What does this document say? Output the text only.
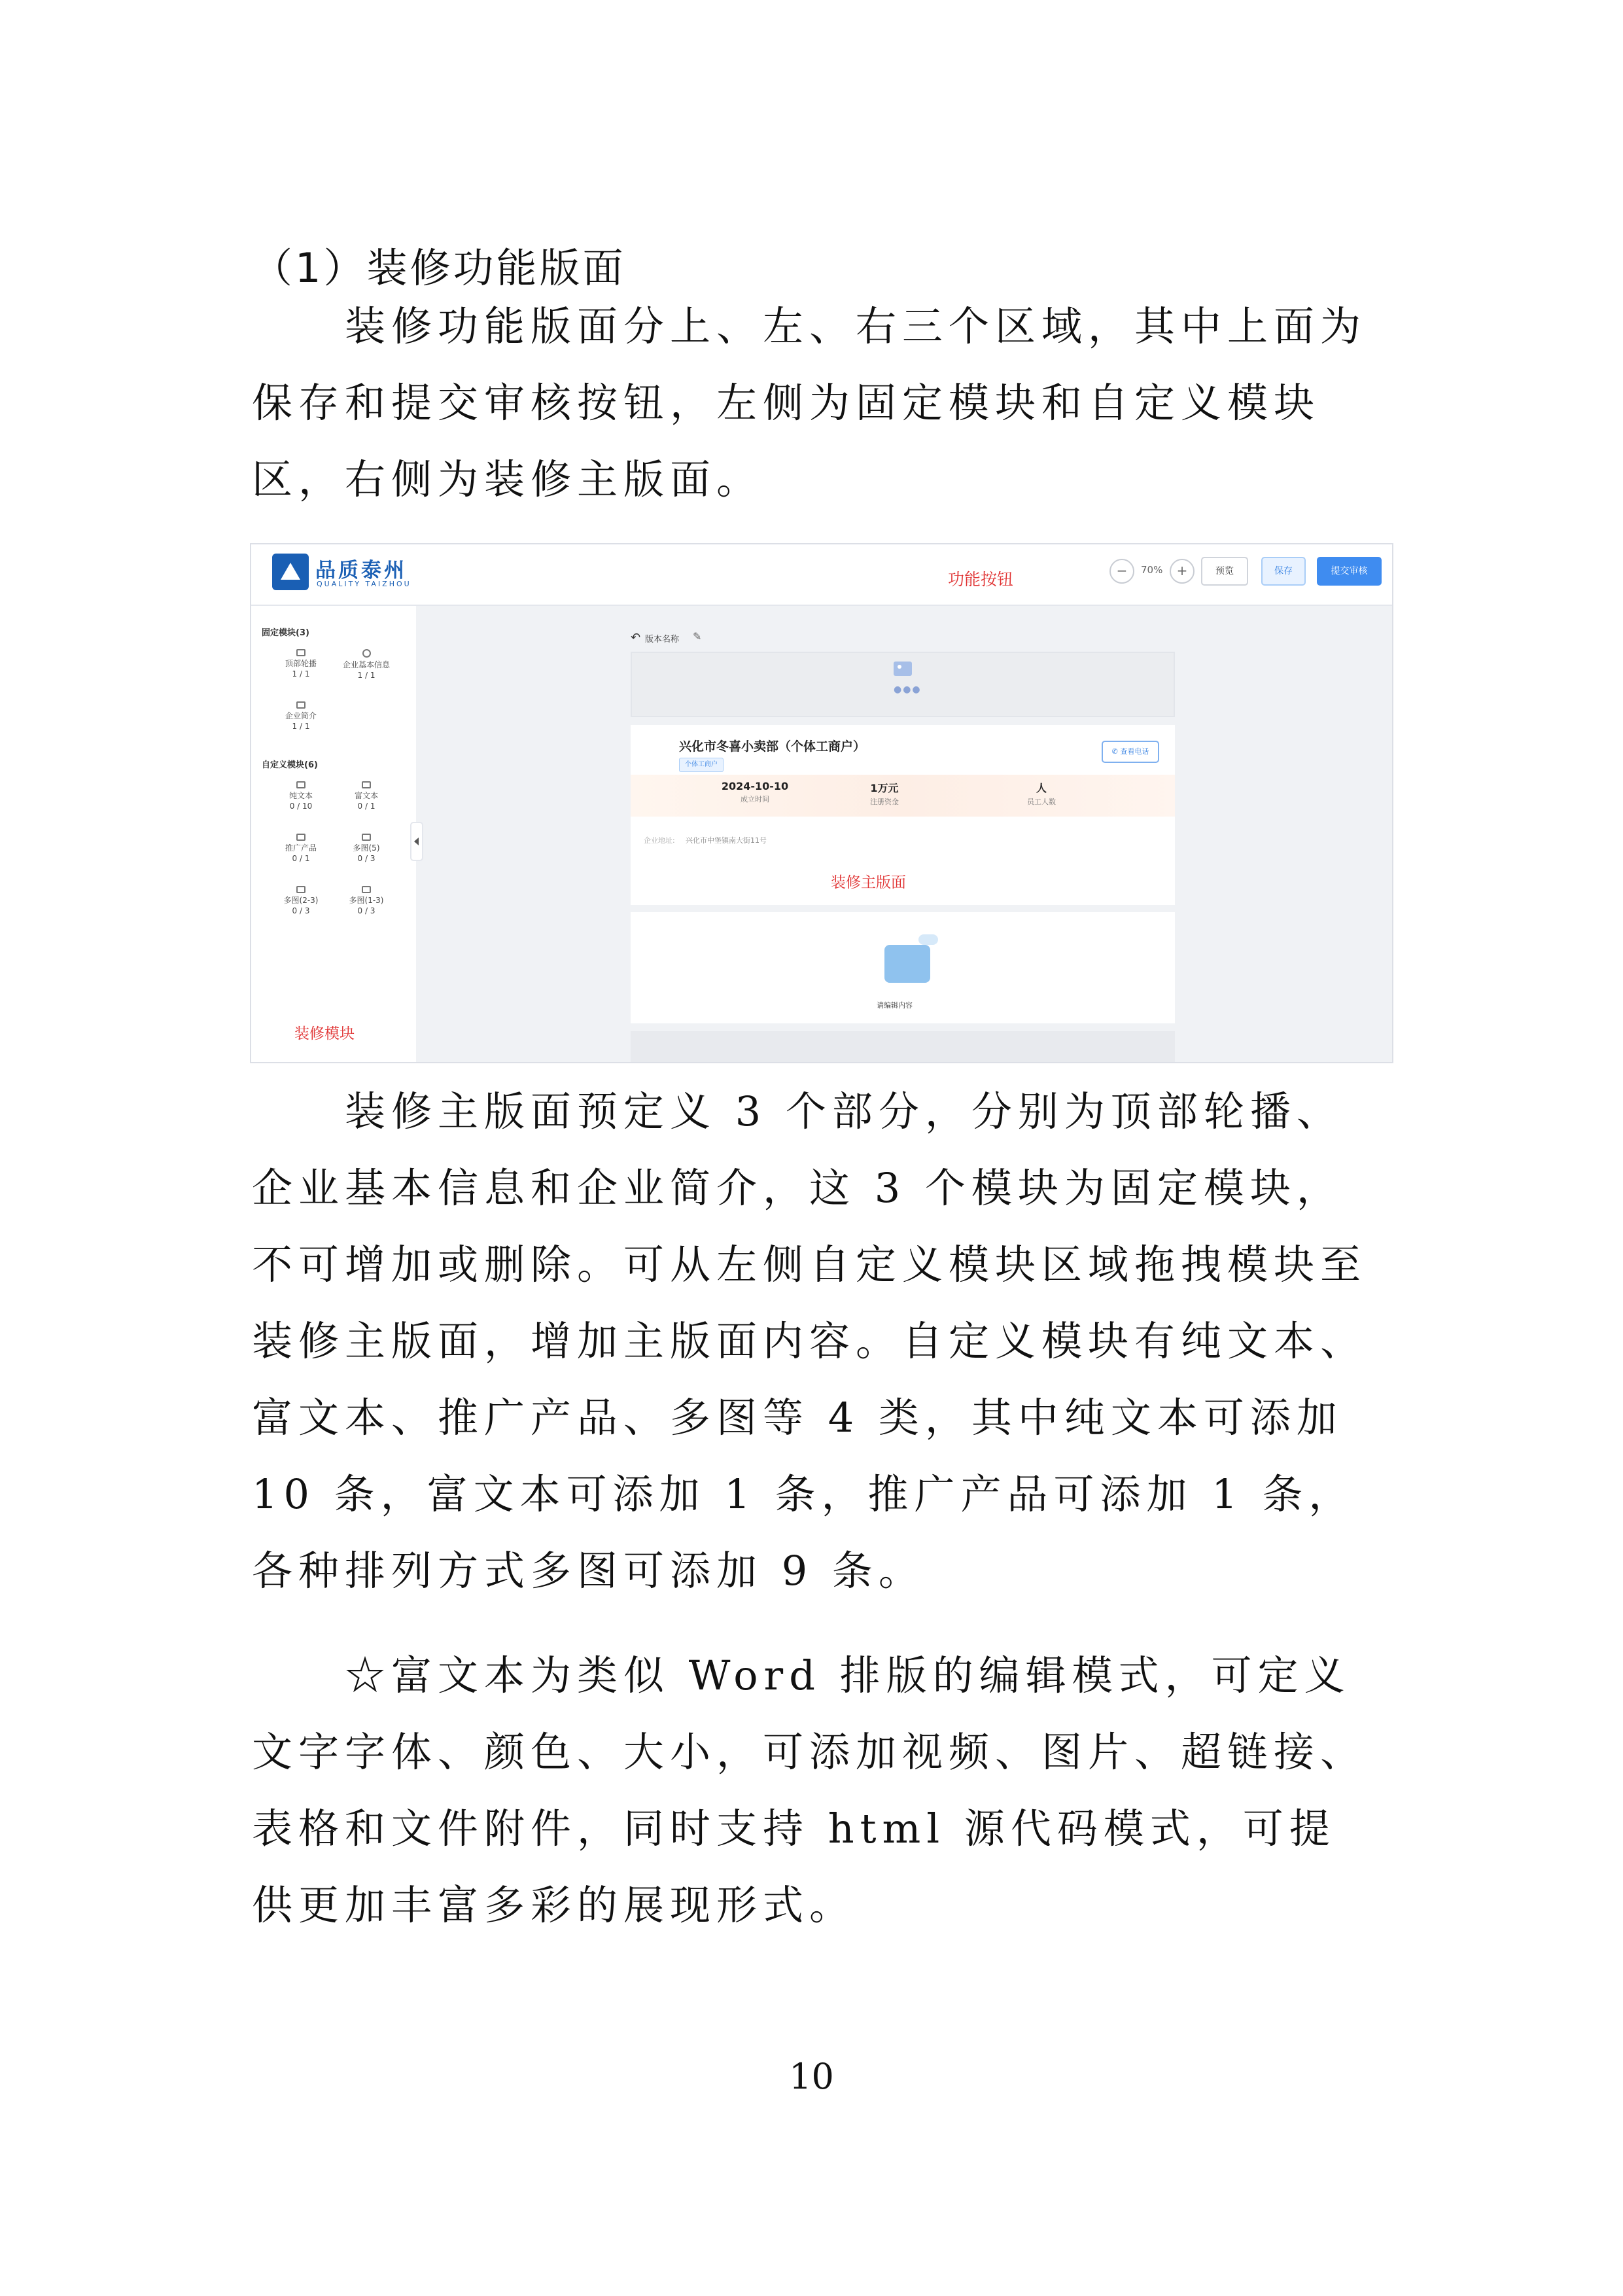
（1）装修功能版面

装修功能版面分上、左、右三个区域，其中上面为保存和提交审核按钮，左侧为固定模块和自定义模块区，右侧为装修主版面。

品质泰州
QUALITY TAIZHOU	功能按钮	−	70%	+	预览	保存	提交审核
固定模块(3)
顶部轮播
1 / 1
企业基本信息
1 / 1
企业简介
1 / 1
自定义模块(6)
纯文本
0 / 10
富文本
0 / 1
推广产品
0 / 1
多图(5)
0 / 3
多图(2-3)
0 / 3
多图(1-3)
0 / 3
装修模块
↶ 版本名称 ✎
●●●
兴化市冬喜小卖部（个体工商户）
个体工商户
✆ 查看电话
2024-10-10
成立时间
1万元
注册资金
人
员工人数
企业地址: 兴化市中堡镇南大街11号
装修主版面
请编辑内容

装修主版面预定义 3 个部分，分别为顶部轮播、企业基本信息和企业简介，这 3 个模块为固定模块，不可增加或删除。可从左侧自定义模块区域拖拽模块至装修主版面，增加主版面内容。自定义模块有纯文本、富文本、推广产品、多图等 4 类，其中纯文本可添加 10 条，富文本可添加 1 条，推广产品可添加 1 条，各种排列方式多图可添加 9 条。

☆富文本为类似 Word 排版的编辑模式，可定义文字字体、颜色、大小，可添加视频、图片、超链接、表格和文件附件，同时支持 html 源代码模式，可提供更加丰富多彩的展现形式。

10
